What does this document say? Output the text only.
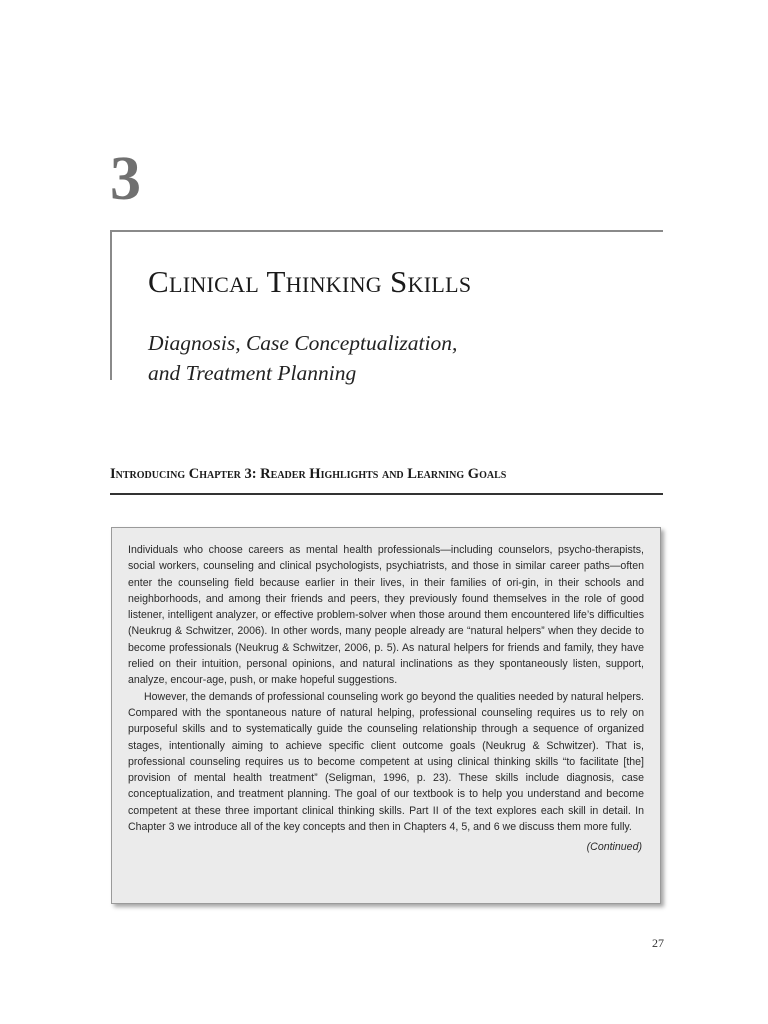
3
Clinical Thinking Skills
Diagnosis, Case Conceptualization,
and Treatment Planning
Introducing Chapter 3: Reader Highlights and Learning Goals

Individuals who choose careers as mental health professionals—including counselors, psycho-therapists, social workers, counseling and clinical psychologists, psychiatrists, and those in similar career paths—often enter the counseling field because earlier in their lives, in their families of ori-gin, in their schools and neighborhoods, and among their friends and peers, they previously found themselves in the role of good listener, intelligent analyzer, or effective problem-solver when those around them encountered life’s difficulties (Neukrug & Schwitzer, 2006). In other words, many people already are “natural helpers” when they decide to become professionals (Neukrug & Schwitzer, 2006, p. 5). As natural helpers for friends and family, they have relied on their intuition, personal opinions, and natural inclinations as they spontaneously listen, support, analyze, encour-age, push, or make hopeful suggestions.

However, the demands of professional counseling work go beyond the qualities needed by natural helpers. Compared with the spontaneous nature of natural helping, professional counseling requires us to rely on purposeful skills and to systematically guide the counseling relationship through a sequence of organized stages, intentionally aiming to achieve specific client outcome goals (Neukrug & Schwitzer). That is, professional counseling requires us to become competent at using clinical thinking skills “to facilitate [the] provision of mental health treatment” (Seligman, 1996, p. 23). These skills include diagnosis, case conceptualization, and treatment planning. The goal of our textbook is to help you understand and become competent at these three important clinical thinking skills. Part II of the text explores each skill in detail. In Chapter 3 we introduce all of the key concepts and then in Chapters 4, 5, and 6 we discuss them more fully.

(Continued)
27
